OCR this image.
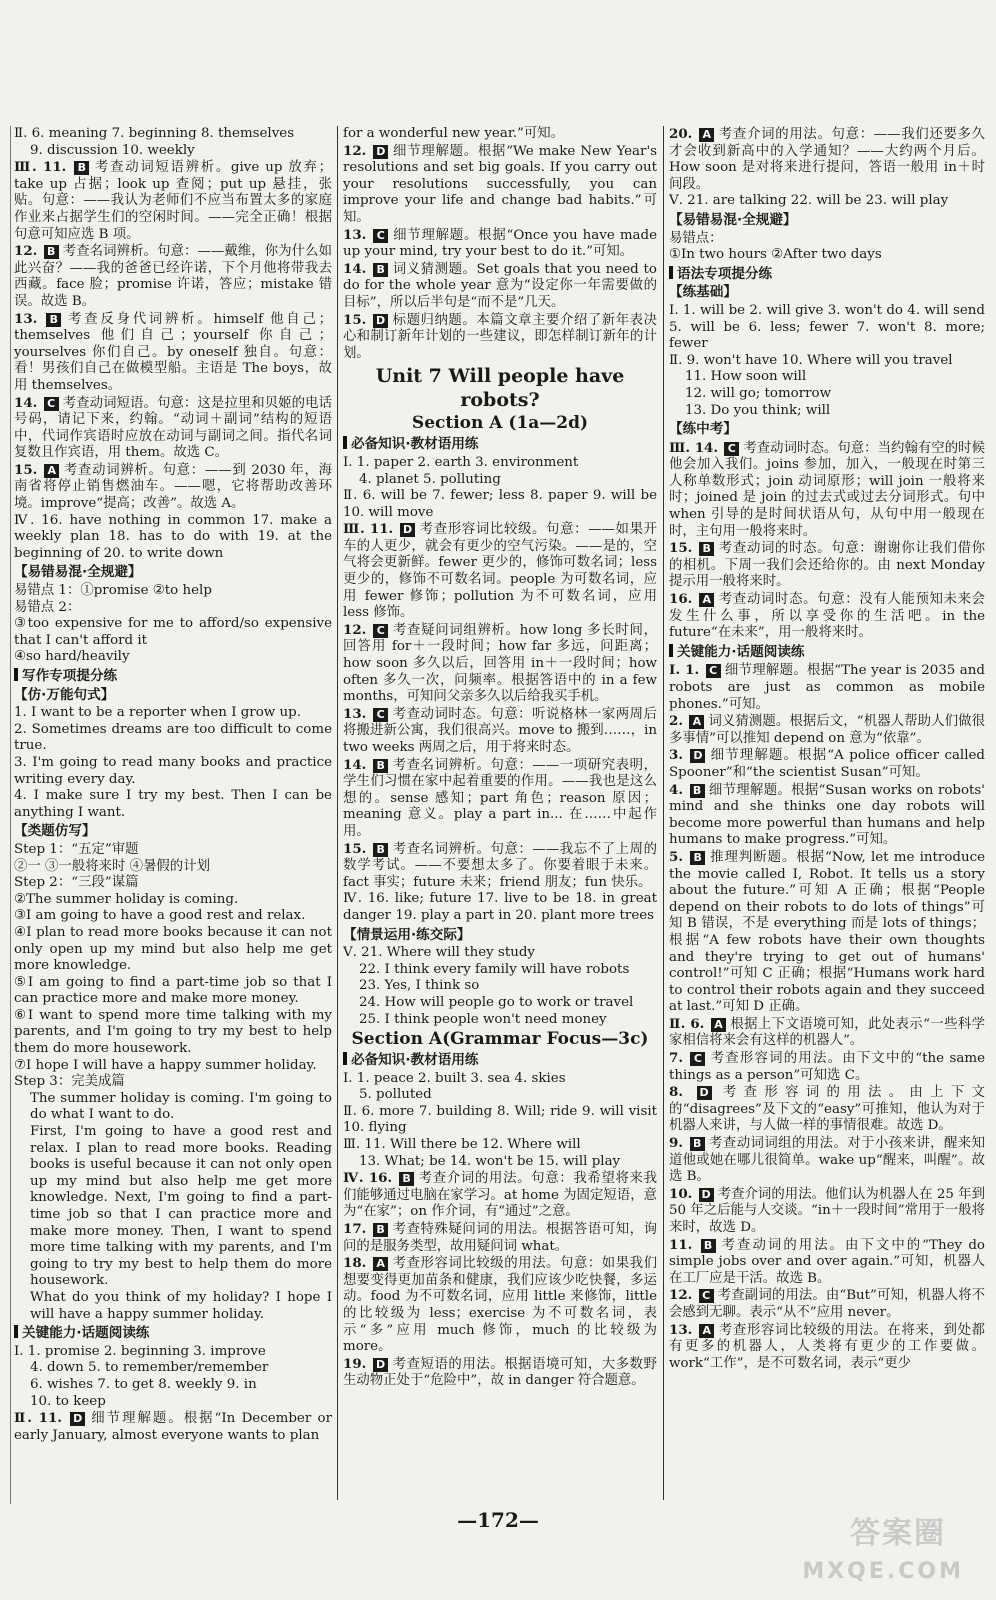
Ⅱ. 6. meaning 7. beginning 8. themselves

9. discussion 10. weekly

Ⅲ. 11. B 考查动词短语辨析。give up 放弃；take up 占据；look up 查阅；put up 悬挂，张贴。句意：——我认为老师们不应当布置太多的家庭作业来占据学生们的空闲时间。——完全正确！根据句意可知应选 B 项。

12. B 考查名词辨析。句意：——戴维，你为什么如此兴奋？——我的爸爸已经许诺，下个月他将带我去西藏。face 脸；promise 许诺，答应；mistake 错误。故选 B。

13. B 考查反身代词辨析。himself 他自己；themselves 他们自己；yourself 你自己；yourselves 你们自己。by oneself 独自。句意：看！男孩们自己在做模型船。主语是 The boys，故用 themselves。

14. C 考查动词短语。句意：这是拉里和贝姬的电话号码，请记下来，约翰。“动词＋副词”结构的短语中，代词作宾语时应放在动词与副词之间。指代名词复数且作宾语，用 them。故选 C。

15. A 考查动词辨析。句意：——到 2030 年，海南省将停止销售燃油车。——嗯，它将帮助改善环境。improve“提高；改善”。故选 A。

Ⅳ. 16. have nothing in common 17. make a weekly plan 18. has to do with 19. at the beginning of 20. to write down

【易错易混·全规避】

易错点 1：①promise ②to help

易错点 2：

③too expensive for me to afford/so expensive that I can't afford it

④so hard/heavily

写作专项提分练
【仿·万能句式】

1. I want to be a reporter when I grow up.

2. Sometimes dreams are too difficult to come true.

3. I'm going to read many books and practice writing every day.

4. I make sure I try my best. Then I can be anything I want.

【类题仿写】

Step 1：“五定”审题

②一 ③一般将来时 ④暑假的计划

Step 2：“三段”谋篇

②The summer holiday is coming.

③I am going to have a good rest and relax.

④I plan to read more books because it can not only open up my mind but also help me get more knowledge.

⑤I am going to find a part-time job so that I can practice more and make more money.

⑥I want to spend more time talking with my parents, and I'm going to try my best to help them do more housework.

⑦I hope I will have a happy summer holiday.

Step 3：完美成篇

The summer holiday is coming. I'm going to do what I want to do.

First, I'm going to have a good rest and relax. I plan to read more books. Reading books is useful because it can not only open up my mind but also help me get more knowledge. Next, I'm going to find a part-time job so that I can practice more and make more money. Then, I want to spend more time talking with my parents, and I'm going to try my best to help them do more housework.

What do you think of my holiday? I hope I will have a happy summer holiday.

关键能力·话题阅读练

Ⅰ. 1. promise 2. beginning 3. improve

4. down 5. to remember/remember

6. wishes 7. to get 8. weekly 9. in

10. to keep

Ⅱ. 11. D 细节理解题。根据“In December or early January, almost everyone wants to plan

for a wonderful new year.”可知。

12. D 细节理解题。根据“We make New Year's resolutions and set big goals. If you carry out your resolutions successfully, you can improve your life and change bad habits.”可知。

13. C 细节理解题。根据“Once you have made up your mind, try your best to do it.”可知。

14. B 词义猜测题。Set goals that you need to do for the whole year 意为“设定你一年需要做的目标”，所以后半句是“而不是”几天。

15. D 标题归纳题。本篇文章主要介绍了新年表决心和制订新年计划的一些建议，即怎样制订新年的计划。

Unit 7 Will people have robots?
Section A (1a—2d)
必备知识·教材语用练

Ⅰ. 1. paper 2. earth 3. environment

4. planet 5. polluting

Ⅱ. 6. will be 7. fewer; less 8. paper 9. will be 10. will move

Ⅲ. 11. D 考查形容词比较级。句意：——如果开车的人更少，就会有更少的空气污染。——是的，空气将会更新鲜。fewer 更少的，修饰可数名词；less 更少的，修饰不可数名词。people 为可数名词，应用 fewer 修饰；pollution 为不可数名词，应用 less 修饰。

12. C 考查疑问词组辨析。how long 多长时间，回答用 for＋一段时间；how far 多远，问距离；how soon 多久以后，回答用 in＋一段时间；how often 多久一次，问频率。根据答语中的 in a few months，可知问父亲多久以后给我买手机。

13. C 考查动词时态。句意：听说格林一家两周后将搬进新公寓，我们很高兴。move to 搬到……，in two weeks 两周之后，用于将来时态。

14. B 考查名词辨析。句意：——一项研究表明，学生们习惯在家中起着重要的作用。——我也是这么想的。sense 感知；part 角色；reason 原因；meaning 意义。play a part in... 在……中起作用。

15. B 考查名词辨析。句意：——我忘不了上周的数学考试。——不要想太多了。你要着眼于未来。fact 事实；future 未来；friend 朋友；fun 快乐。

Ⅳ. 16. like; future 17. live to be 18. in great danger 19. play a part in 20. plant more trees

【情景运用·练交际】

Ⅴ. 21. Where will they study

22. I think every family will have robots

23. Yes, I think so

24. How will people go to work or travel

25. I think people won't need money

Section A(Grammar Focus—3c)
必备知识·教材语用练

Ⅰ. 1. peace 2. built 3. sea 4. skies

5. polluted

Ⅱ. 6. more 7. building 8. Will; ride 9. will visit 10. flying

Ⅲ. 11. Will there be 12. Where will

13. What; be 14. won't be 15. will play

Ⅳ. 16. B 考查介词的用法。句意：我希望将来我们能够通过电脑在家学习。at home 为固定短语，意为“在家”；on 作介词，有“通过”之意。

17. B 考查特殊疑问词的用法。根据答语可知，询问的是服务类型，故用疑问词 what。

18. A 考查形容词比较级的用法。句意：如果我们想要变得更加苗条和健康，我们应该少吃快餐，多运动。food 为不可数名词，应用 little 来修饰，little 的比较级为 less；exercise 为不可数名词，表示“多”应用 much 修饰，much 的比较级为 more。

19. D 考查短语的用法。根据语境可知，大多数野生动物正处于“危险中”，故 in danger 符合题意。

20. A 考查介词的用法。句意：——我们还要多久才会收到新高中的入学通知？——大约两个月后。How soon 是对将来进行提问，答语一般用 in＋时间段。

Ⅴ. 21. are talking 22. will be 23. will play

【易错易混·全规避】

易错点：

①In two hours ②After two days

语法专项提分练
【练基础】

Ⅰ. 1. will be 2. will give 3. won't do 4. will send 5. will be 6. less; fewer 7. won't 8. more; fewer

Ⅱ. 9. won't have 10. Where will you travel

11. How soon will

12. will go; tomorrow

13. Do you think; will

【练中考】

Ⅲ. 14. C 考查动词时态。句意：当约翰有空的时候他会加入我们。joins 参加，加入，一般现在时第三人称单数形式；join 动词原形；will join 一般将来时；joined 是 join 的过去式或过去分词形式。句中 when 引导的是时间状语从句，从句中用一般现在时，主句用一般将来时。

15. B 考查动词的时态。句意：谢谢你让我们借你的相机。下周一我们会还给你的。由 next Monday 提示用一般将来时。

16. A 考查动词时态。句意：没有人能预知未来会发生什么事，所以享受你的生活吧。in the future“在未来”，用一般将来时。

关键能力·话题阅读练

Ⅰ. 1. C 细节理解题。根据“The year is 2035 and robots are just as common as mobile phones.”可知。

2. A 词义猜测题。根据后文，“机器人帮助人们做很多事情”可以推知 depend on 意为“依靠”。

3. D 细节理解题。根据“A police officer called Spooner”和“the scientist Susan”可知。

4. B 细节理解题。根据“Susan works on robots' mind and she thinks one day robots will become more powerful than humans and help humans to make progress.”可知。

5. B 推理判断题。根据“Now, let me introduce the movie called I, Robot. It tells us a story about the future.”可知 A 正确；根据“People depend on their robots to do lots of things”可知 B 错误，不是 everything 而是 lots of things；根据“A few robots have their own thoughts and they're trying to get out of humans' control!”可知 C 正确；根据“Humans work hard to control their robots again and they succeed at last.”可知 D 正确。

Ⅱ. 6. A 根据上下文语境可知，此处表示“一些科学家相信将来会有这样的机器人”。

7. C 考查形容词的用法。由下文中的“the same things as a person”可知选 C。

8. D 考查形容词的用法。由上下文的“disagrees”及下文的“easy”可推知，他认为对于机器人来讲，与人做一样的事情很难。故选 D。

9. B 考查动词词组的用法。对于小孩来讲，醒来知道他或她在哪儿很简单。wake up“醒来，叫醒”。故选 B。

10. D 考查介词的用法。他们认为机器人在 25 年到 50 年之后能与人交谈。“in＋一段时间”常用于一般将来时，故选 D。

11. B 考查动词的用法。由下文中的“They do simple jobs over and over again.”可知，机器人在工厂应是干活。故选 B。

12. C 考查副词的用法。由“But”可知，机器人将不会感到无聊。表示“从不”应用 never。

13. A 考查形容词比较级的用法。在将来，到处都有更多的机器人，人类将有更少的工作要做。work“工作”，是不可数名词，表示“更少

—172—	答案圈
MXQE.COM
